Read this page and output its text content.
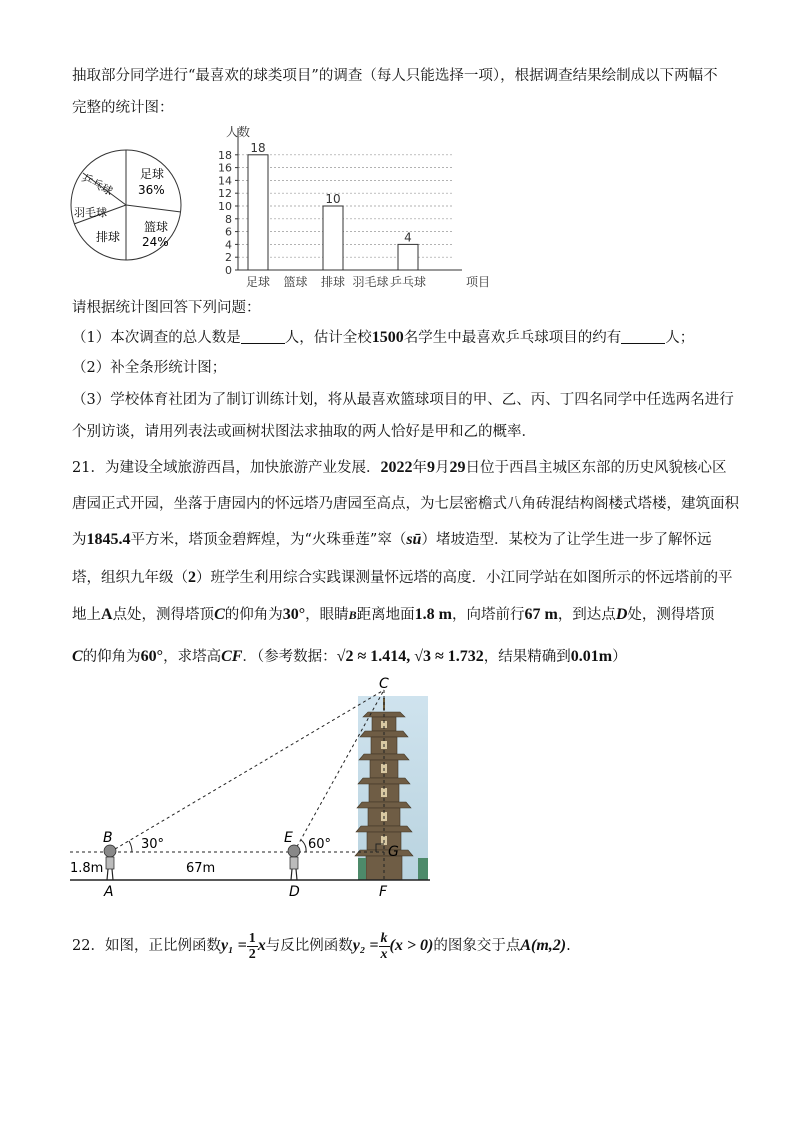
抽取部分同学进行“最喜欢的球类项目”的调查（每人只能选择一项），根据调查结果绘制成以下两幅不
完整的统计图：
足球
36%
篮球
24%
排球
羽毛球
乒乓球
0
2
4
6
8
10
12
14
16
18
人数
项目
足球
18
篮球 排球
10
羽毛球 乒乓球
4
请根据统计图回答下列问题：
（1）本次调查的总人数是	人，估计全校1500名学生中最喜欢乒乓球项目的约有	人；
（2）补全条形统计图；
（3）学校体育社团为了制订训练计划，将从最喜欢篮球项目的甲、乙、丙、丁四名同学中任选两名进行
个别访谈，请用列表法或画树状图法求抽取的两人恰好是甲和乙的概率．
21．为建设全域旅游西昌，加快旅游产业发展．2022年9月29日位于西昌主城区东部的历史风貌核心区
唐园正式开园，坐落于唐园内的怀远塔乃唐园至高点，为七层密檐式八角砖混结构阁楼式塔楼，建筑面积
为1845.4平方米，塔顶金碧辉煌，为“火珠垂莲”窣（sū）堵坡造型．某校为了让学生进一步了解怀远
塔，组织九年级（2）班学生利用综合实践课测量怀远塔的高度．小江同学站在如图所示的怀远塔前的平
地上A点处，测得塔顶C的仰角为30°，眼睛B距离地面1.8 m，向塔前行67 m，到达点D处，测得塔顶
C的仰角为60°，求塔高CF．（参考数据：√2 ≈ 1.414, √3 ≈ 1.732，结果精确到0.01m）
C
B	E
A	D	F
G
30°	60°
1.8m	67m
22．如图，正比例函数$y_1 = \frac{1}{2}$ x与反比例函数$y_2 = \frac{k}{x} (x > 0)$的图象交于点A(m,2).
